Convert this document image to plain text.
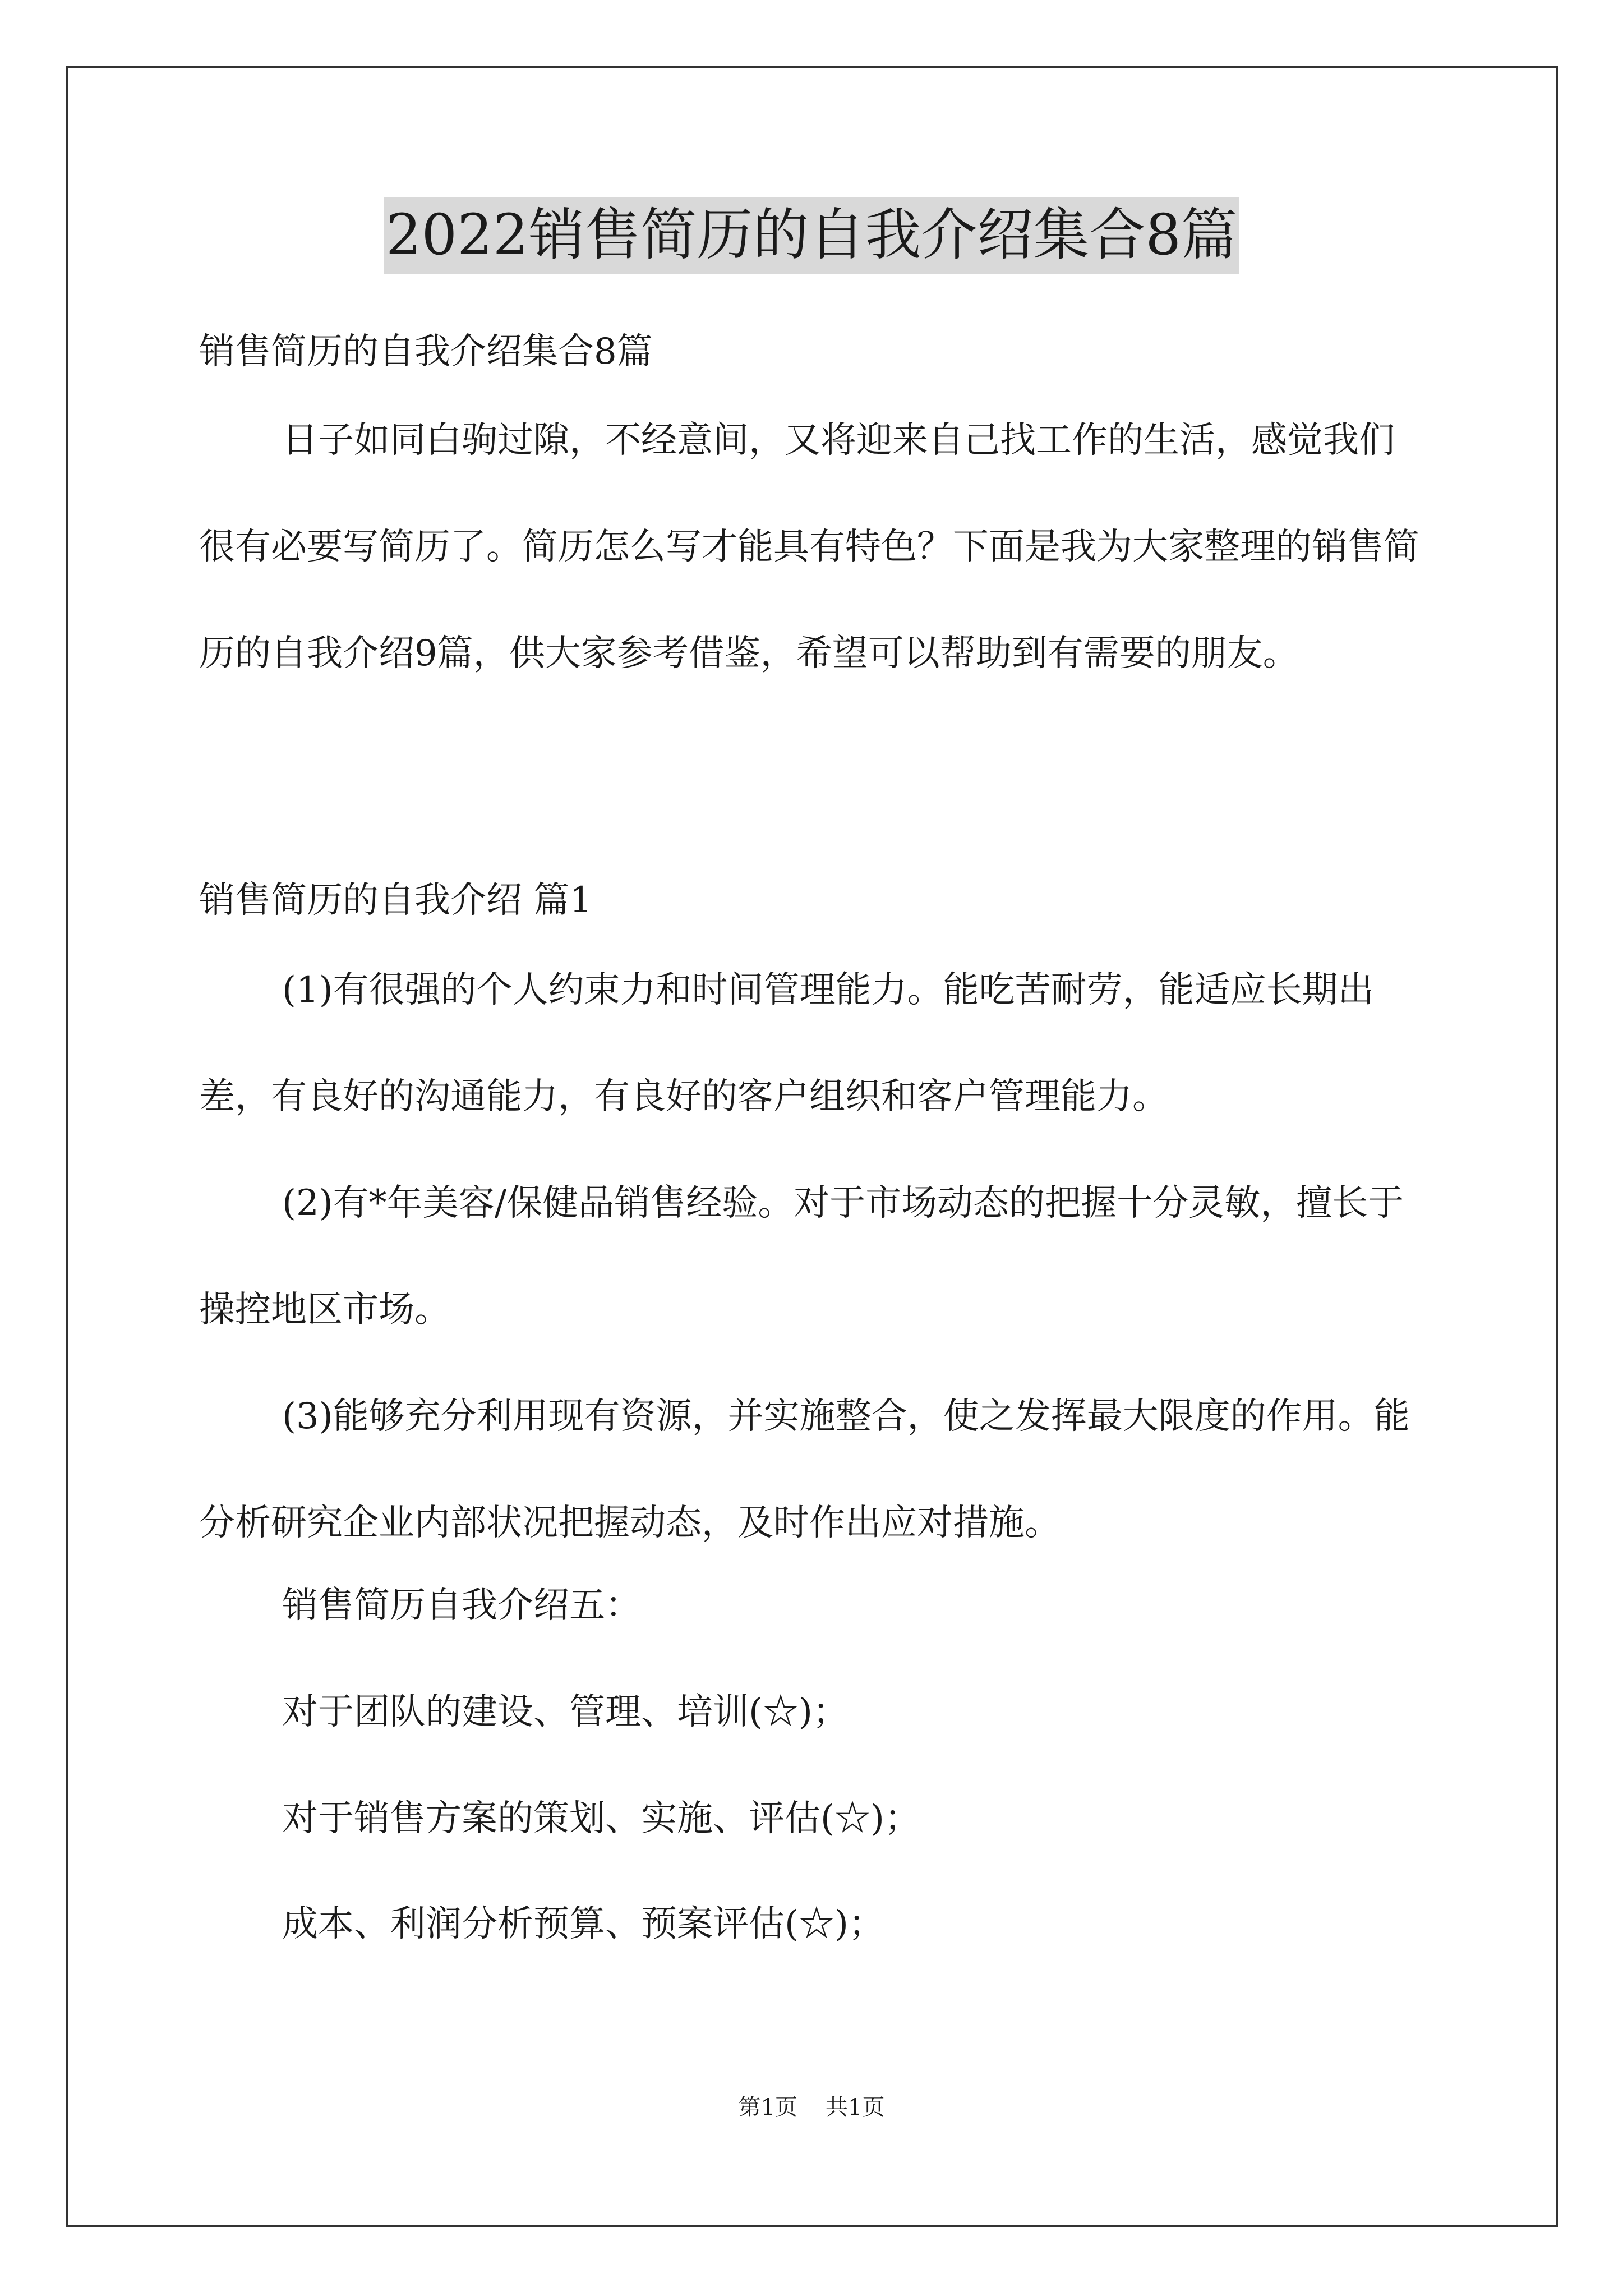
2022销售简历的自我介绍集合8篇

销售简历的自我介绍集合8篇

日子如同白驹过隙，不经意间，又将迎来自己找工作的生活，感觉我们很有必要写简历了。简历怎么写才能具有特色？下面是我为大家整理的销售简历的自我介绍9篇，供大家参考借鉴，希望可以帮助到有需要的朋友。

销售简历的自我介绍 篇1

(1)有很强的个人约束力和时间管理能力。能吃苦耐劳，能适应长期出差，有良好的沟通能力，有良好的客户组织和客户管理能力。

(2)有*年美容/保健品销售经验。对于市场动态的把握十分灵敏，擅长于操控地区市场。

(3)能够充分利用现有资源，并实施整合，使之发挥最大限度的作用。能分析研究企业内部状况把握动态，及时作出应对措施。

销售简历自我介绍五：

对于团队的建设、管理、培训(☆)；

对于销售方案的策划、实施、评估(☆)；

成本、利润分析预算、预案评估(☆)；

第1页 共1页
